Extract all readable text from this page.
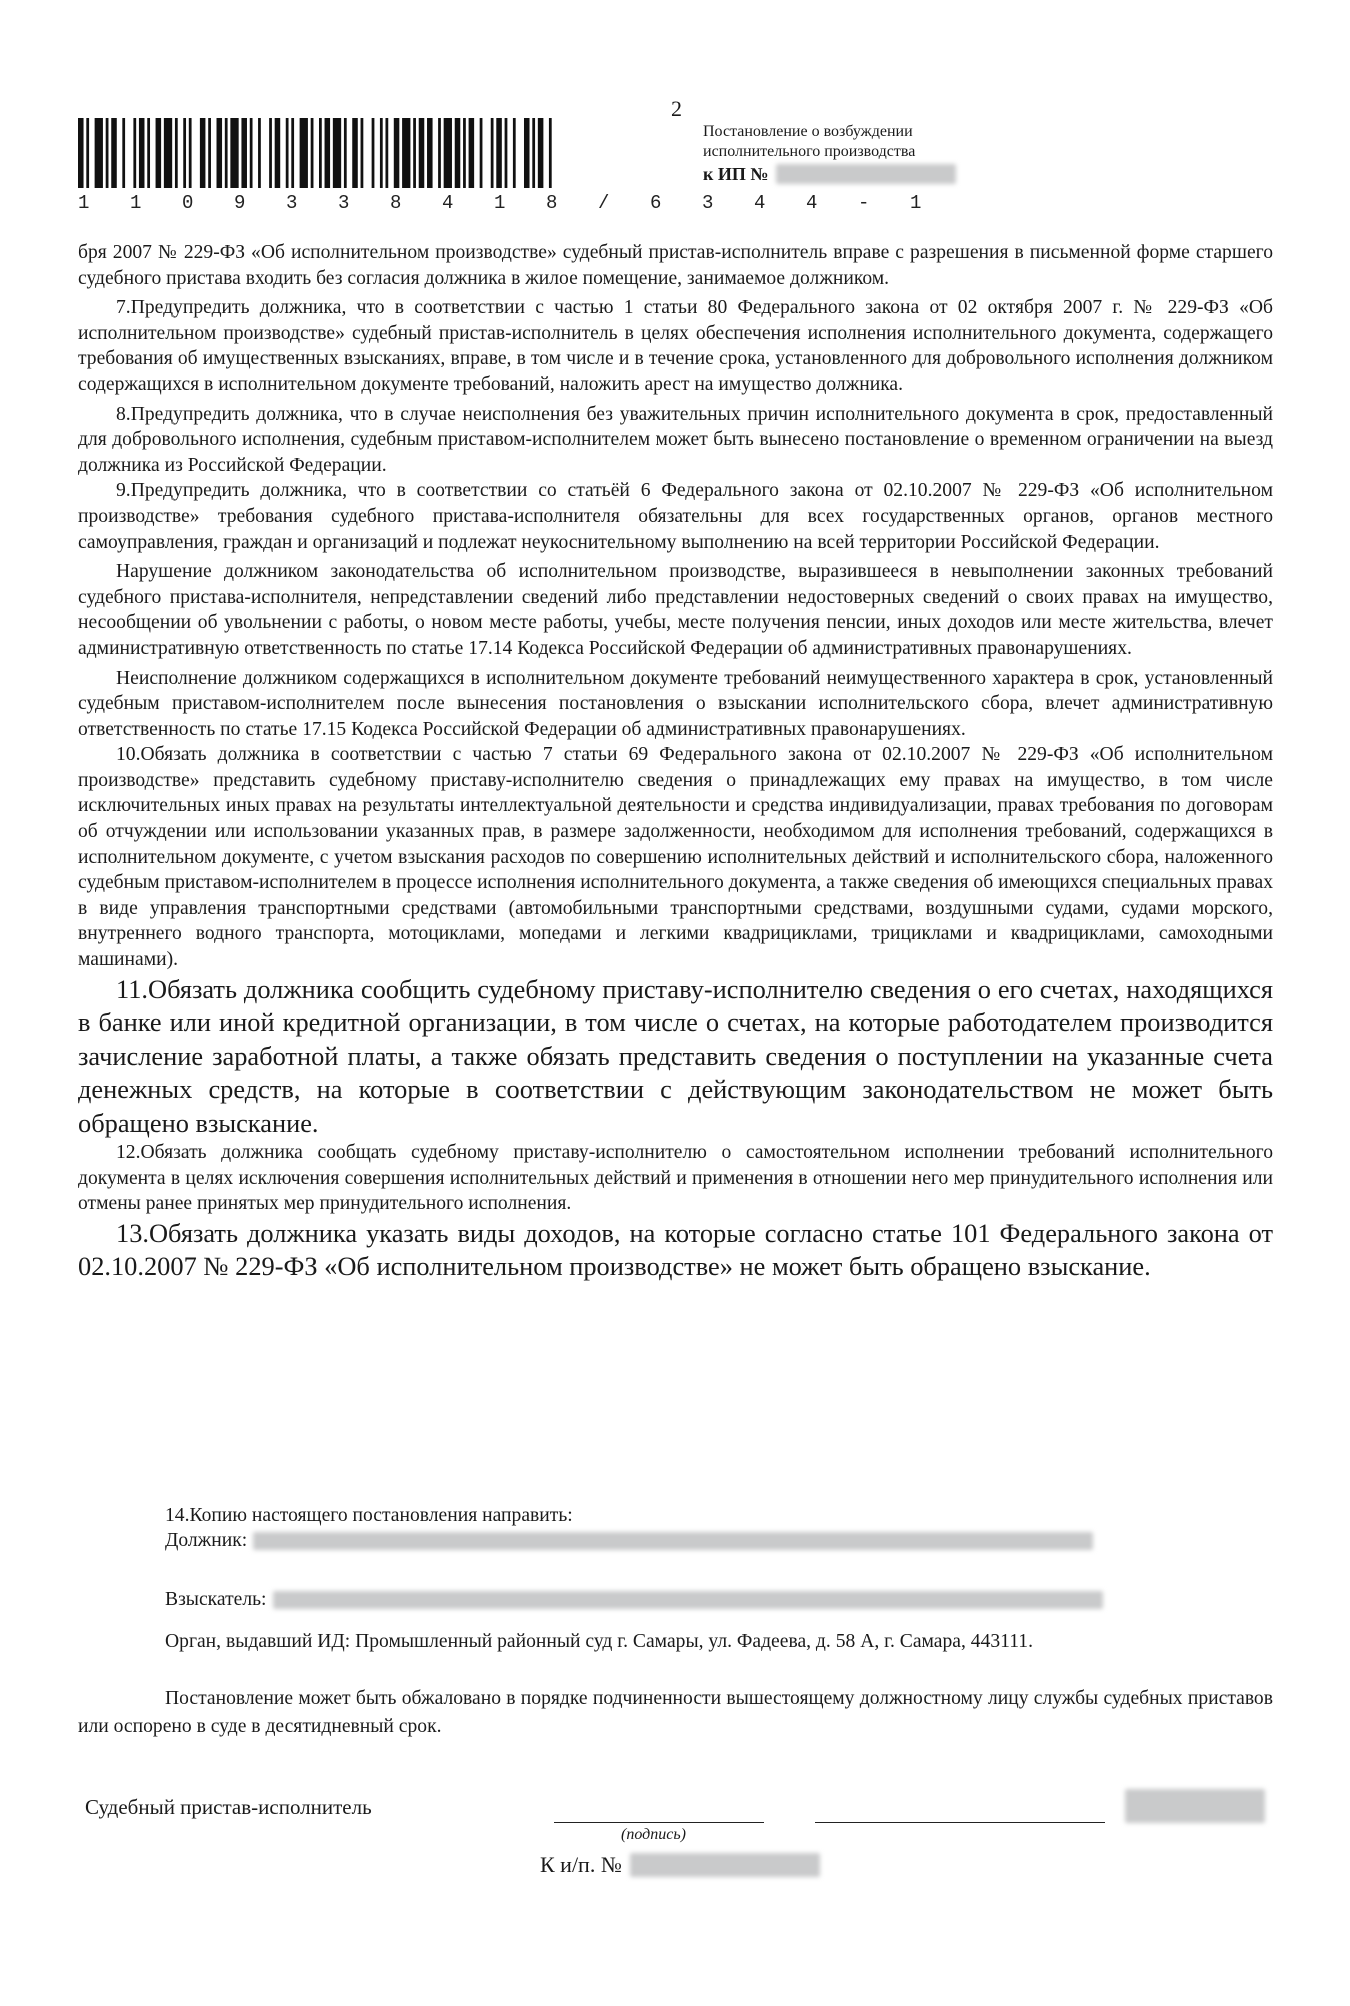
1 1 0 9 3 3 8 4 1 8 / 6 3 4 4 - 1
2
Постановление о возбуждении
исполнительного производства
к ИП №

бря 2007 № 229-ФЗ «Об исполнительном производстве» судебный пристав-исполнитель вправе с разрешения в письменной форме старшего судебного пристава входить без согласия должника в жилое помещение, занимаемое должником.

7.Предупредить должника, что в соответствии с частью 1 статьи 80 Федерального закона от 02 октября 2007 г. № 229-ФЗ «Об исполнительном производстве» судебный пристав-исполнитель в целях обеспечения исполнения исполнительного документа, содержащего требования об имущественных взысканиях, вправе, в том числе и в течение срока, установленного для добровольного исполнения должником содержащихся в исполнительном документе требований, наложить арест на имущество должника.

8.Предупредить должника, что в случае неисполнения без уважительных причин исполнительного документа в срок, предоставленный для добровольного исполнения, судебным приставом-исполнителем может быть вынесено постановление о временном ограничении на выезд должника из Российской Федерации.

9.Предупредить должника, что в соответствии со статьёй 6 Федерального закона от 02.10.2007 № 229-ФЗ «Об исполнительном производстве» требования судебного пристава-исполнителя обязательны для всех государственных органов, органов местного самоуправления, граждан и организаций и подлежат неукоснительному выполнению на всей территории Российской Федерации.

Нарушение должником законодательства об исполнительном производстве, выразившееся в невыполнении законных требований судебного пристава-исполнителя, непредставлении сведений либо представлении недостоверных сведений о своих правах на имущество, несообщении об увольнении с работы, о новом месте работы, учебы, месте получения пенсии, иных доходов или месте жительства, влечет административную ответственность по статье 17.14 Кодекса Российской Федерации об административных правонарушениях.

Неисполнение должником содержащихся в исполнительном документе требований неимущественного характера в срок, установленный судебным приставом-исполнителем после вынесения постановления о взыскании исполнительского сбора, влечет административную ответственность по статье 17.15 Кодекса Российской Федерации об административных правонарушениях.

10.Обязать должника в соответствии с частью 7 статьи 69 Федерального закона от 02.10.2007 № 229-ФЗ «Об исполнительном производстве» представить судебному приставу-исполнителю сведения о принадлежащих ему правах на имущество, в том числе исключительных иных правах на результаты интеллектуальной деятельности и средства индивидуализации, правах требования по договорам об отчуждении или использовании указанных прав, в размере задолженности, необходимом для исполнения требований, содержащихся в исполнительном документе, с учетом взыскания расходов по совершению исполнительных действий и исполнительского сбора, наложенного судебным приставом-исполнителем в процессе исполнения исполнительного документа, а также сведения об имеющихся специальных правах в виде управления транспортными средствами (автомобильными транспортными средствами, воздушными судами, судами морского, внутреннего водного транспорта, мотоциклами, мопедами и легкими квадрициклами, трициклами и квадрициклами, самоходными машинами).

11.Обязать должника сообщить судебному приставу-исполнителю сведения о его счетах, находящихся в банке или иной кредитной организации, в том числе о счетах, на которые работодателем производится зачисление заработной платы, а также обязать представить сведения о поступлении на указанные счета денежных средств, на которые в соответствии с действующим законодательством не может быть обращено взыскание.

12.Обязать должника сообщать судебному приставу-исполнителю о самостоятельном исполнении требований исполнительного документа в целях исключения совершения исполнительных действий и применения в отношении него мер принудительного исполнения или отмены ранее принятых мер принудительного исполнения.

13.Обязать должника указать виды доходов, на которые согласно статье 101 Федерального закона от 02.10.2007 № 229-ФЗ «Об исполнительном производстве» не может быть обращено взыскание.

14.Копию настоящего постановления направить:
Должник:
Взыскатель:
Орган, выдавший ИД: Промышленный районный суд г. Самары, ул. Фадеева, д. 58 А, г. Самара, 443111.

Постановление может быть обжаловано в порядке подчиненности вышестоящему должностному лицу службы судебных приставов или оспорено в суде в десятидневный срок.

Судебный пристав-исполнитель
(подпись)
К и/п. №
